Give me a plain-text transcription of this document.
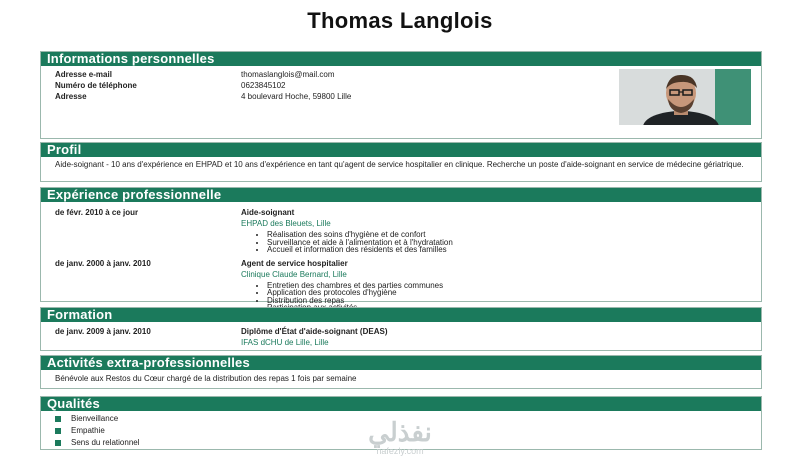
Thomas Langlois
Informations personnelles
Adresse e-mail	thomaslanglois@mail.com
Numéro de téléphone	0623845102
Adresse	4 boulevard Hoche, 59800 Lille
Profil
Aide-soignant - 10 ans d'expérience en EHPAD et 10 ans d'expérience en tant qu'agent de service hospitalier en clinique. Recherche un poste d'aide-soignant en service de médecine gériatrique.
Expérience professionnelle
de févr. 2010 à ce jour	Aide-soignant
EHPAD des Bleuets, Lille
• Réalisation des soins d'hygiène et de confort
• Surveillance et aide à l'alimentation et à l'hydratation
• Accueil et information des résidents et des familles
de janv. 2000 à janv. 2010	Agent de service hospitalier
Clinique Claude Bernard, Lille
• Entretien des chambres et des parties communes
• Application des protocoles d'hygiène
• Distribution des repas
•
Formation
de janv. 2009 à janv. 2010	Diplôme d'État d'aide-soignant (DEAS)
IFAS dCHU de Lille, Lille
Activités extra-professionnelles
Bénévole aux Restos du Cœur chargé de la distribution des repas 1 fois par semaine
Qualités
Bienveillance
Empathie
Sens du relationnel	نفذلي
nafezly.com
